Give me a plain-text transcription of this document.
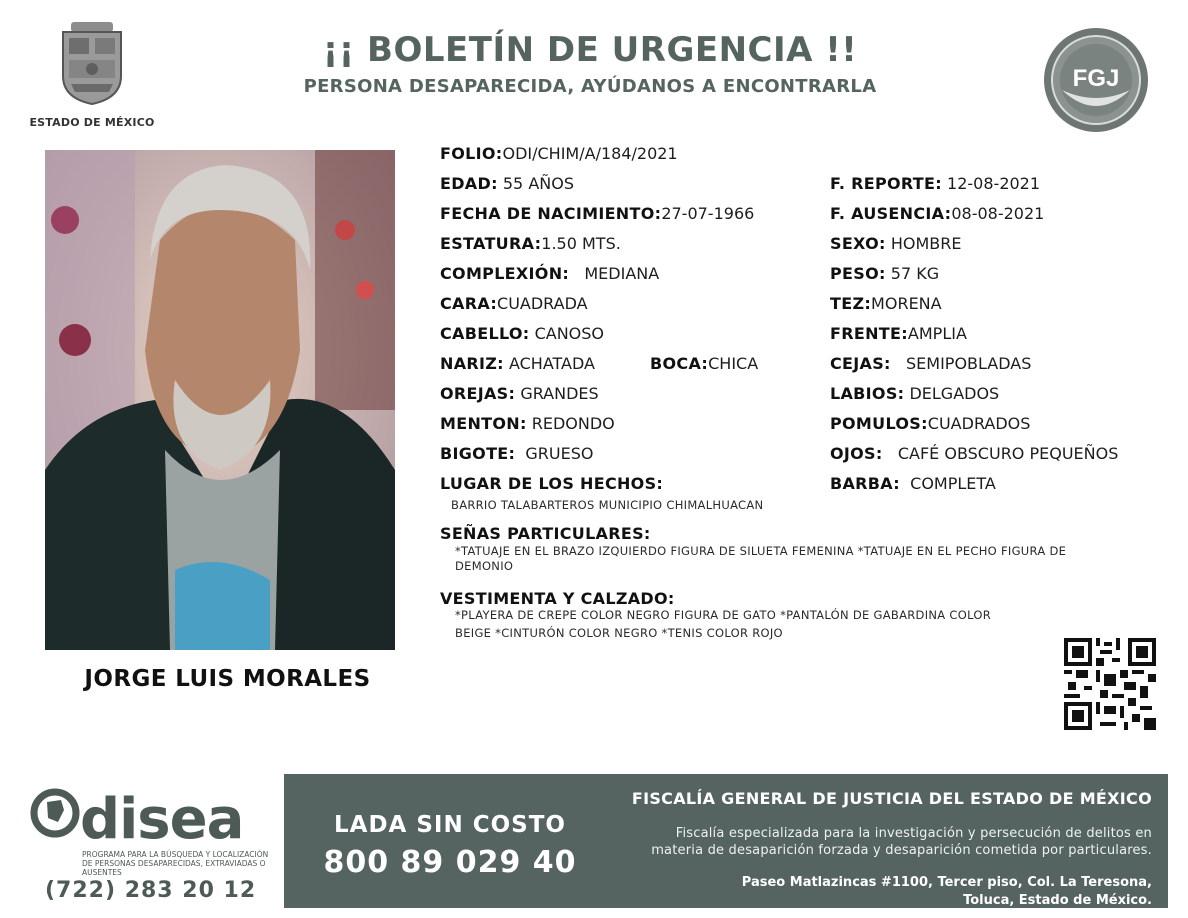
ESTADO DE MÉXICO
¡¡ BOLETÍN DE URGENCIA !!
PERSONA DESAPARECIDA, AYÚDANOS A ENCONTRARLA	FGJ
JORGE LUIS MORALES
FOLIO:ODI/CHIM/A/184/2021
EDAD: 55 AÑOS
FECHA DE NACIMIENTO:27-07-1966
ESTATURA:1.50 MTS.
COMPLEXIÓN: MEDIANA
CARA:CUADRADA
CABELLO: CANOSO
NARIZ: ACHATADA	BOCA:CHICA
OREJAS: GRANDES
MENTON: REDONDO
BIGOTE: GRUESO
LUGAR DE LOS HECHOS:
BARRIO TALABARTEROS MUNICIPIO CHIMALHUACAN
F. REPORTE: 12-08-2021
F. AUSENCIA:08-08-2021
SEXO: HOMBRE
PESO: 57 KG
TEZ:MORENA
FRENTE:AMPLIA
CEJAS: SEMIPOBLADAS
LABIOS: DELGADOS
POMULOS:CUADRADOS
OJOS: CAFÉ OBSCURO PEQUEÑOS
BARBA: COMPLETA
SEÑAS PARTICULARES:
*TATUAJE EN EL BRAZO IZQUIERDO FIGURA DE SILUETA FEMENINA *TATUAJE EN EL PECHO FIGURA DE
DEMONIO
VESTIMENTA Y CALZADO:
*PLAYERA DE CREPE COLOR NEGRO FIGURA DE GATO *PANTALÓN DE GABARDINA COLOR
BEIGE *CINTURÓN COLOR NEGRO *TENIS COLOR ROJO
disea
PROGRAMA PARA LA BÚSQUEDA Y LOCALIZACIÓN
DE PERSONAS DESAPARECIDAS, EXTRAVIADAS O
AUSENTES
(722) 283 20 12
LADA SIN COSTO
800 89 029 40
FISCALÍA GENERAL DE JUSTICIA DEL ESTADO DE MÉXICO
Fiscalía especializada para la investigación y persecución de delitos en
materia de desaparición forzada y desaparición cometida por particulares.
Paseo Matlazincas #1100, Tercer piso, Col. La Teresona,
Toluca, Estado de México.
